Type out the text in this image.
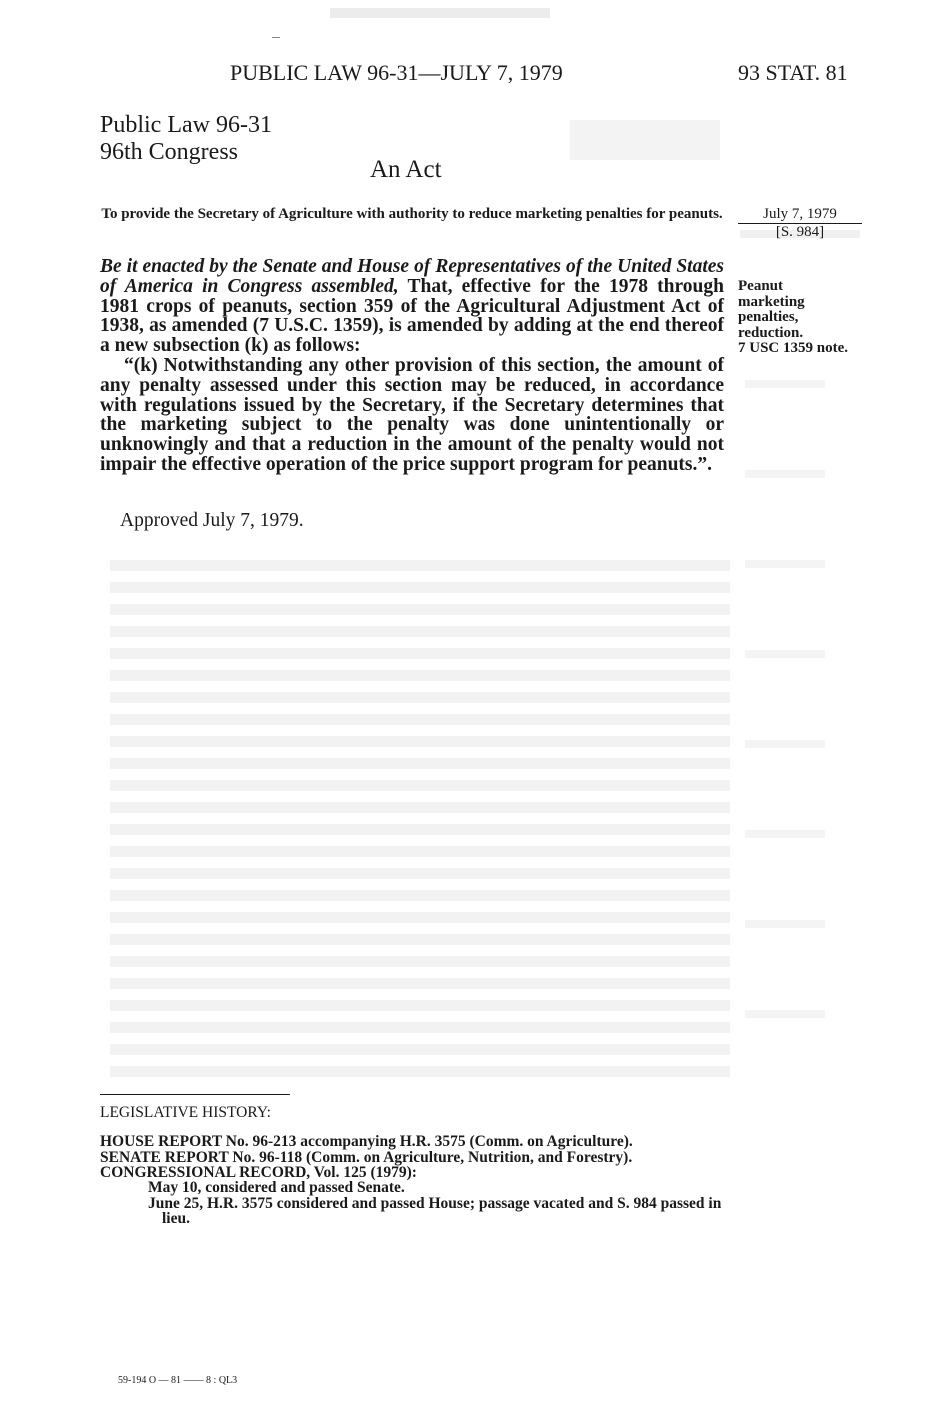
PUBLIC LAW 96-31—JULY 7, 1979	93 STAT. 81
Public Law 96-31
96th Congress
An Act
To provide the Secretary of Agriculture with authority to reduce marketing penalties for peanuts.	July 7, 1979
[S. 984]

Be it enacted by the Senate and House of Representatives of the United States of America in Congress assembled, That, effective for the 1978 through 1981 crops of peanuts, section 359 of the Agricultural Adjustment Act of 1938, as amended (7 U.S.C. 1359), is amended by adding at the end thereof a new subsection (k) as follows:

“(k) Notwithstanding any other provision of this section, the amount of any penalty assessed under this section may be reduced, in accordance with regulations issued by the Secretary, if the Secretary determines that the marketing subject to the penalty was done unintentionally or unknowingly and that a reduction in the amount of the penalty would not impair the effective operation of the price support program for peanuts.”.

Peanut
marketing
penalties,
reduction.
7 USC 1359 note.
Approved July 7, 1979.
LEGISLATIVE HISTORY:
HOUSE REPORT No. 96-213 accompanying H.R. 3575 (Comm. on Agriculture).
SENATE REPORT No. 96-118 (Comm. on Agriculture, Nutrition, and Forestry).
CONGRESSIONAL RECORD, Vol. 125 (1979):
May 10, considered and passed Senate.
June 25, H.R. 3575 considered and passed House; passage vacated and S. 984 passed in lieu.
59-194 O — 81 —— 8 : QL3
